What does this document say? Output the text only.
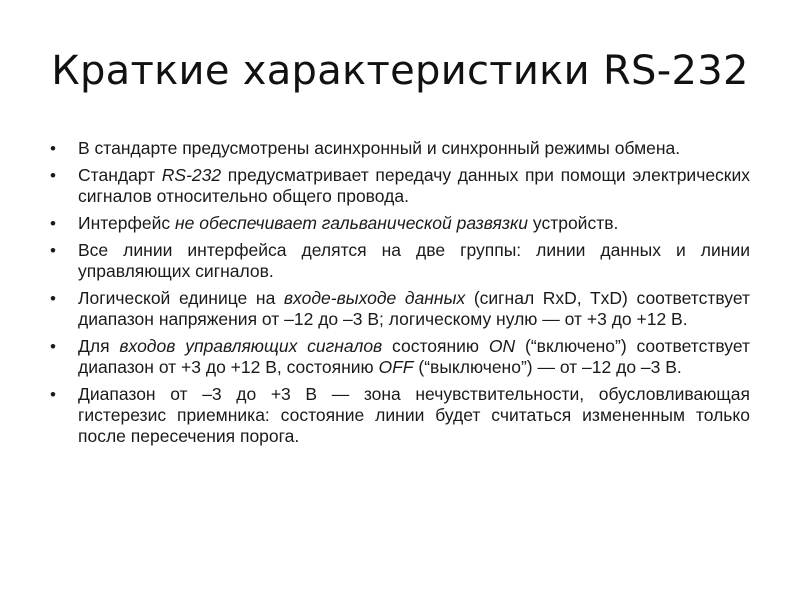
Краткие характеристики RS-232
•	В стандарте предусмотрены асинхронный и синхронный режимы обмена.
•	Стандарт RS-232 предусматривает передачу данных при помощи электрических сигналов относительно общего провода.
•	Интерфейс не обеспечивает гальванической развязки устройств.
•	Все линии интерфейса делятся на две группы: линии данных и линии управляющих сигналов.
•	Логической единице на входе-выходе данных (сигнал RxD, TxD) соответствует диапазон напряжения от –12 до –3 В; логическому нулю — от +3 до +12 В.
•	Для входов управляющих сигналов состоянию ON (“включено”) соответствует диапазон от +3 до +12 В, состоянию OFF (“выключено”) — от –12 до –3 В.
•	Диапазон от –3 до +3 В — зона нечувствительности, обусловливающая гистерезис приемника: состояние линии будет считаться измененным только после пересечения порога.
